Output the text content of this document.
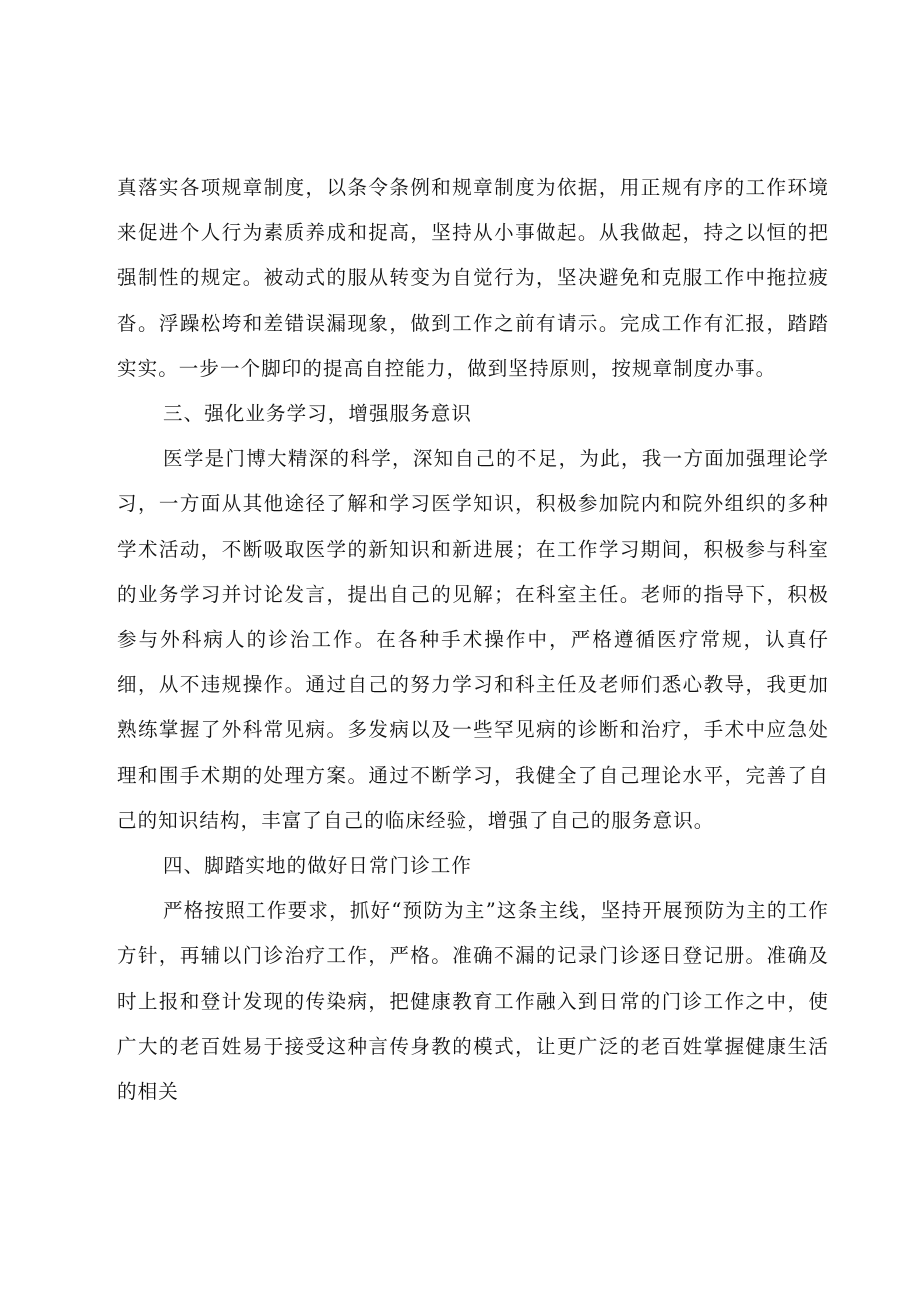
真落实各项规章制度，以条令条例和规章制度为依据，用正规有序的工作环境来促进个人行为素质养成和捉高，坚持从小事做起。从我做起，持之以恒的把强制性的规定。被动式的服从转变为自觉行为，坚决避免和克服工作中拖拉疲沓。浮躁松垮和差错误漏现象，做到工作之前有请示。完成工作有汇报，踏踏实实。一步一个脚印的提高自控能力，做到坚持原则，按规章制度办事。

三、强化业务学习，增强服务意识

医学是门博大精深的科学，深知自己的不足，为此，我一方面加强理论学习，一方面从其他途径了解和学习医学知识，积极参加院内和院外组织的多种学术活动，不断吸取医学的新知识和新进展；在工作学习期间，积极参与科室的业务学习并讨论发言，提出自己的见解；在科室主任。老师的指导下，积极参与外科病人的诊治工作。在各种手术操作中，严格遵循医疗常规，认真仔细，从不违规操作。通过自己的努力学习和科主任及老师们悉心教导，我更加熟练掌握了外科常见病。多发病以及一些罕见病的诊断和治疗，手术中应急处理和围手术期的处理方案。通过不断学习，我健全了自己理论水平，完善了自己的知识结构，丰富了自己的临床经验，增强了自己的服务意识。

四、脚踏实地的做好日常门诊工作

严格按照工作要求，抓好“预防为主”这条主线，坚持开展预防为主的工作方针，再辅以门诊治疗工作，严格。准确不漏的记录门诊逐日登记册。准确及时上报和登计发现的传染病，把健康教育工作融入到日常的门诊工作之中，使广大的老百姓易于接受这种言传身教的模式，让更广泛的老百姓掌握健康生活的相关
